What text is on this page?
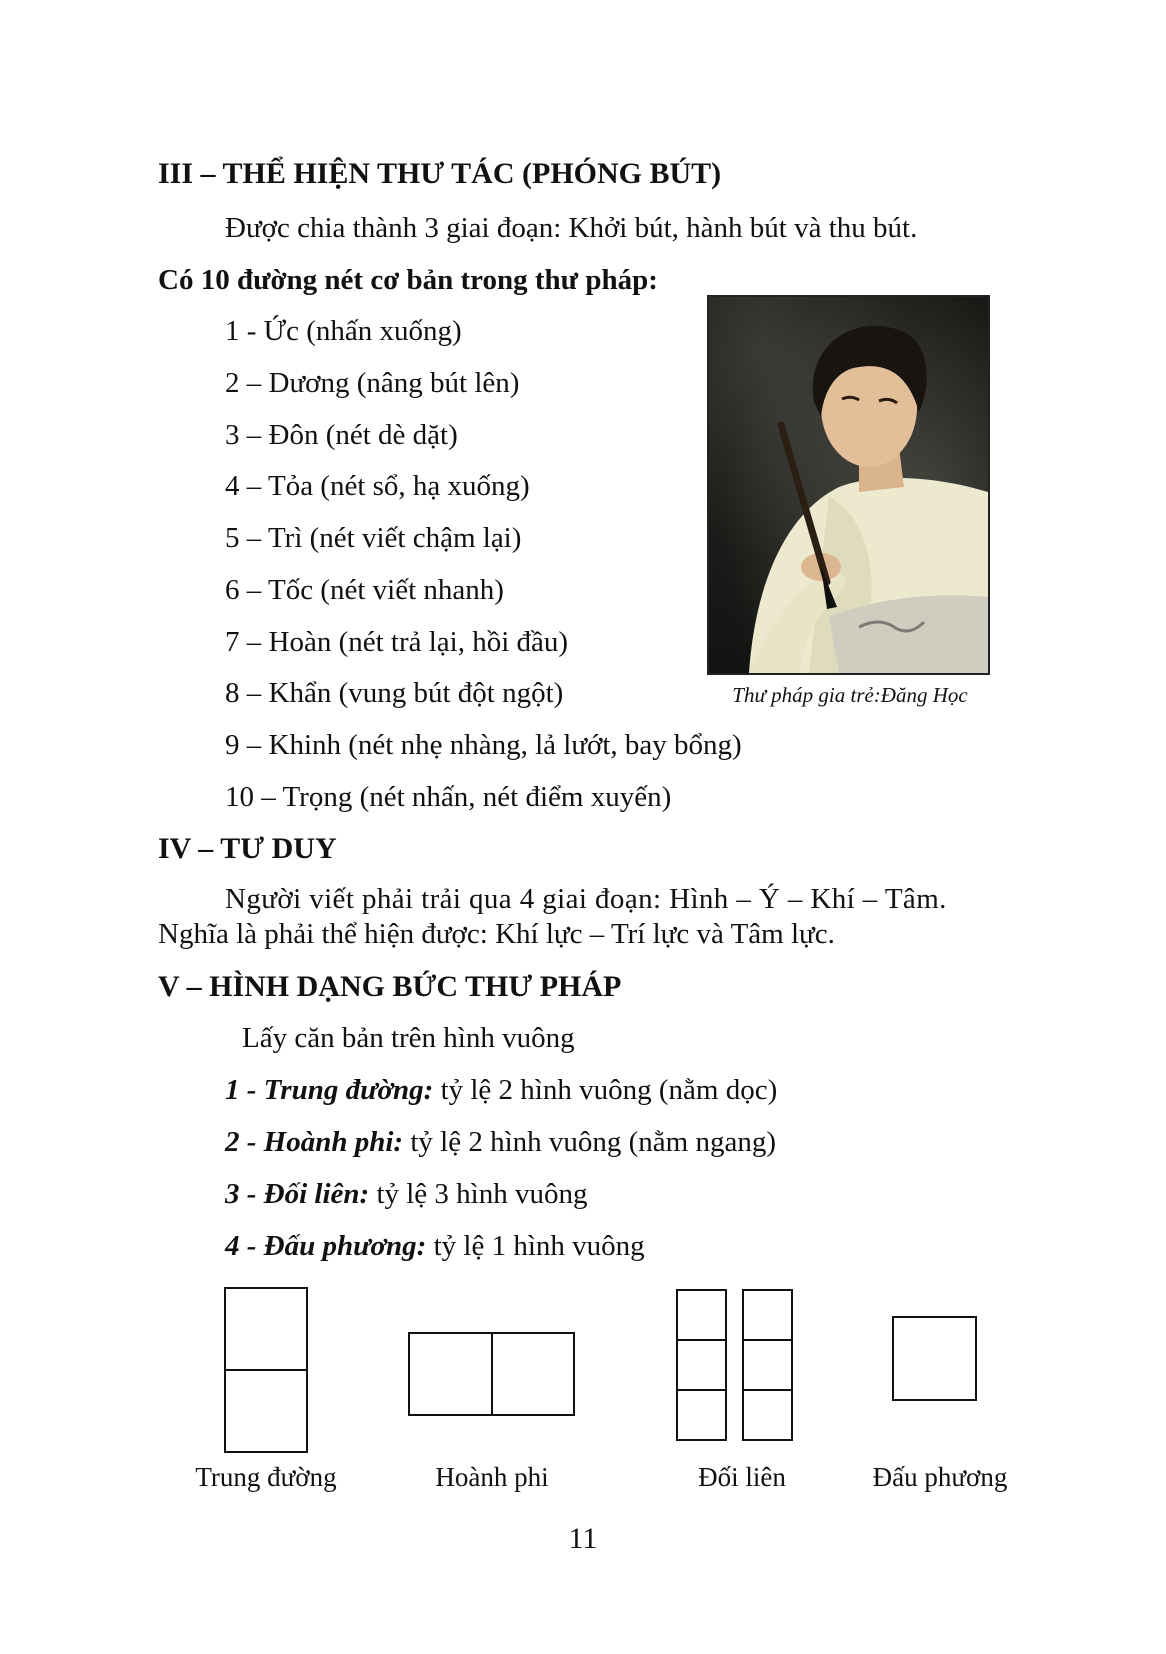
III – THỂ HIỆN THƯ TÁC (PHÓNG BÚT)
Được chia thành 3 giai đoạn: Khởi bút, hành bút và thu bút.
Có 10 đường nét cơ bản trong thư pháp:
1 - Ức (nhấn xuống)
2 – Dương (nâng bút lên)
3 – Đôn (nét dè dặt)
4 – Tỏa (nét sổ, hạ xuống)
5 – Trì (nét viết chậm lại)
6 – Tốc (nét viết nhanh)
7 – Hoàn (nét trả lại, hồi đầu)
8 – Khẩn (vung bút đột ngột)
9 – Khinh (nét nhẹ nhàng, lả lướt, bay bổng)
10 – Trọng (nét nhấn, nét điểm xuyến)
Thư pháp gia trẻ:Đăng Học
IV – TƯ DUY
Người viết phải trải qua 4 giai đoạn: Hình – Ý – Khí – Tâm.
Nghĩa là phải thể hiện được: Khí lực – Trí lực và Tâm lực.
V – HÌNH DẠNG BỨC THƯ PHÁP
Lấy căn bản trên hình vuông
1 - Trung đường: tỷ lệ 2 hình vuông (nằm dọc)
2 - Hoành phi: tỷ lệ 2 hình vuông (nằm ngang)
3 - Đối liên: tỷ lệ 3 hình vuông
4 - Đấu phương: tỷ lệ 1 hình vuông
Trung đường	Hoành phi	Đối liên	Đấu phương
11
